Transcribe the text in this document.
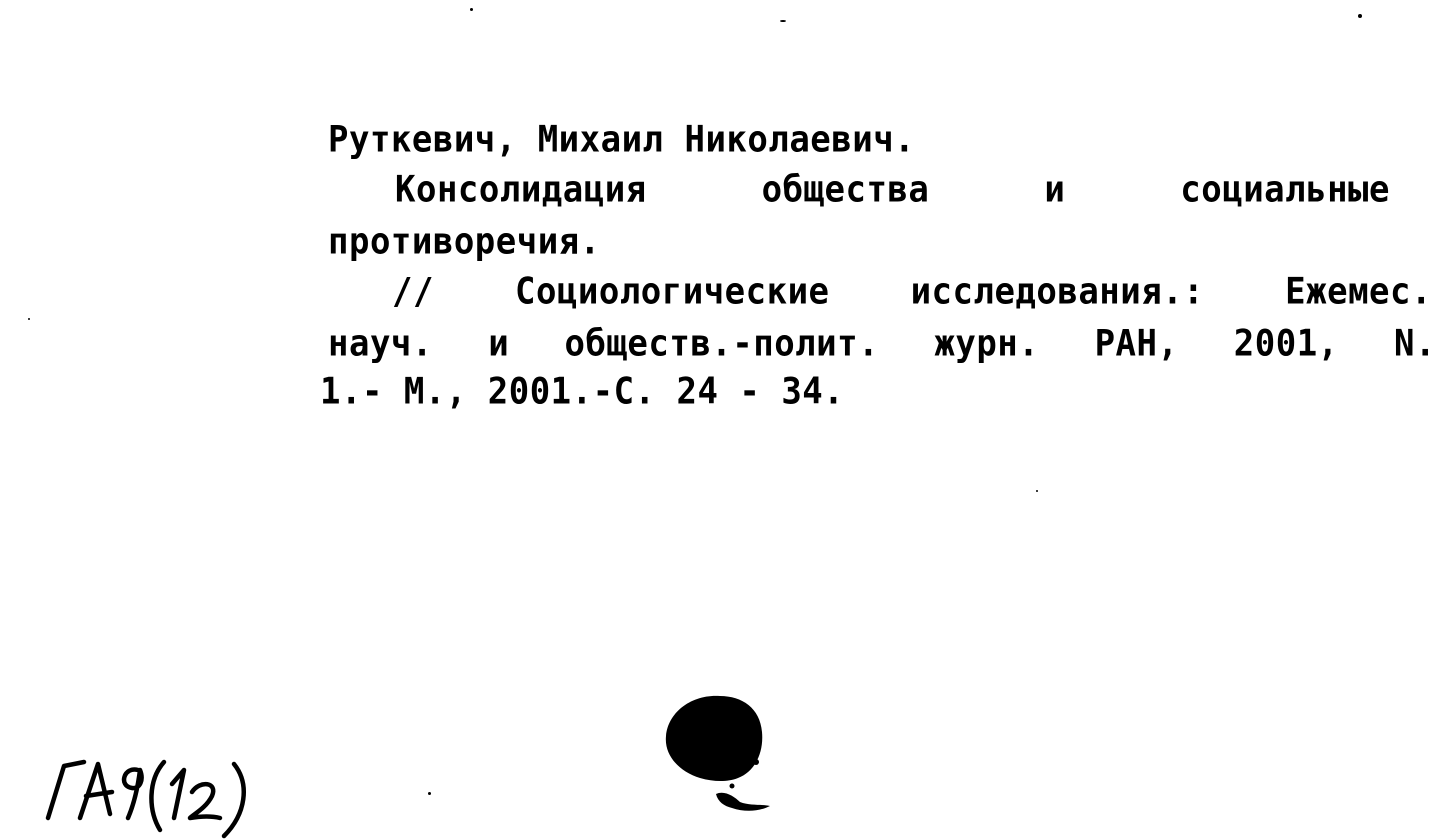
Руткевич, Михаил Николаевич.
Консолидация	общества	и	социальные
противоречия.
// Социологические исследования.: Ежемес.
науч. и обществ.-полит. журн. РАН, 2001, N.
1.- М., 2001.-С. 24 - 34.
